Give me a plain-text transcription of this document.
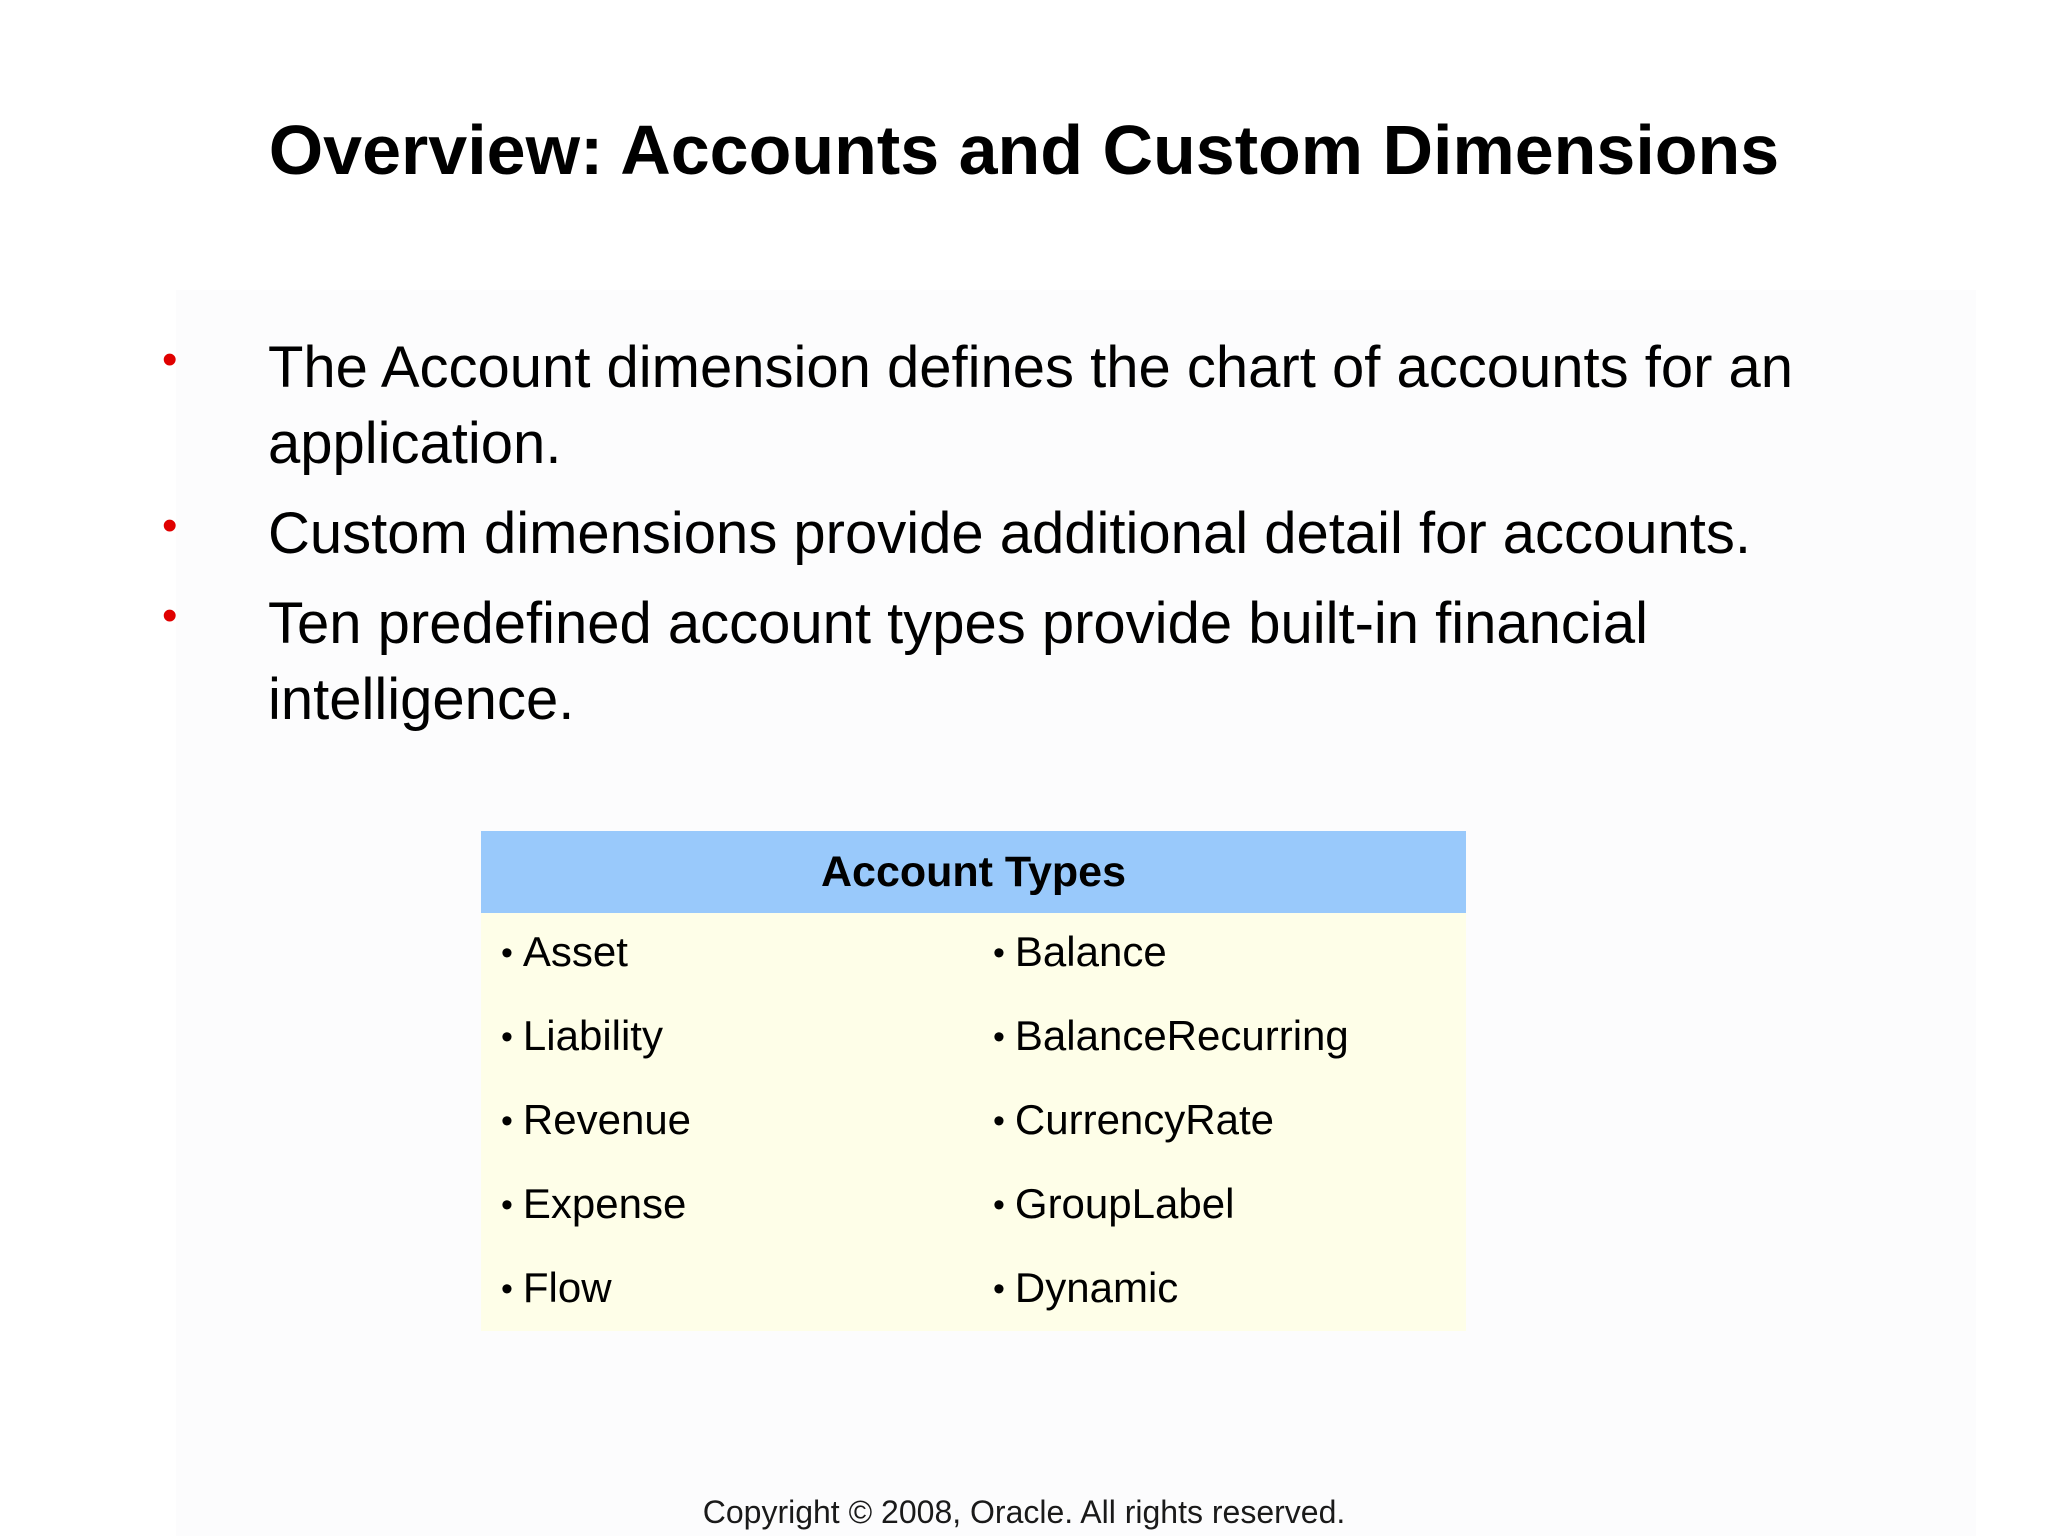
Overview: Accounts and Custom Dimensions
• The Account dimension defines the chart of accounts for an application.
• Custom dimensions provide additional detail for accounts.
• Ten predefined account types provide built-in financial intelligence.
Account Types
• Asset
• Liability
• Revenue
• Expense
• Flow
• Balance
• BalanceRecurring
• CurrencyRate
• GroupLabel
• Dynamic
Copyright © 2008, Oracle. All rights reserved.
